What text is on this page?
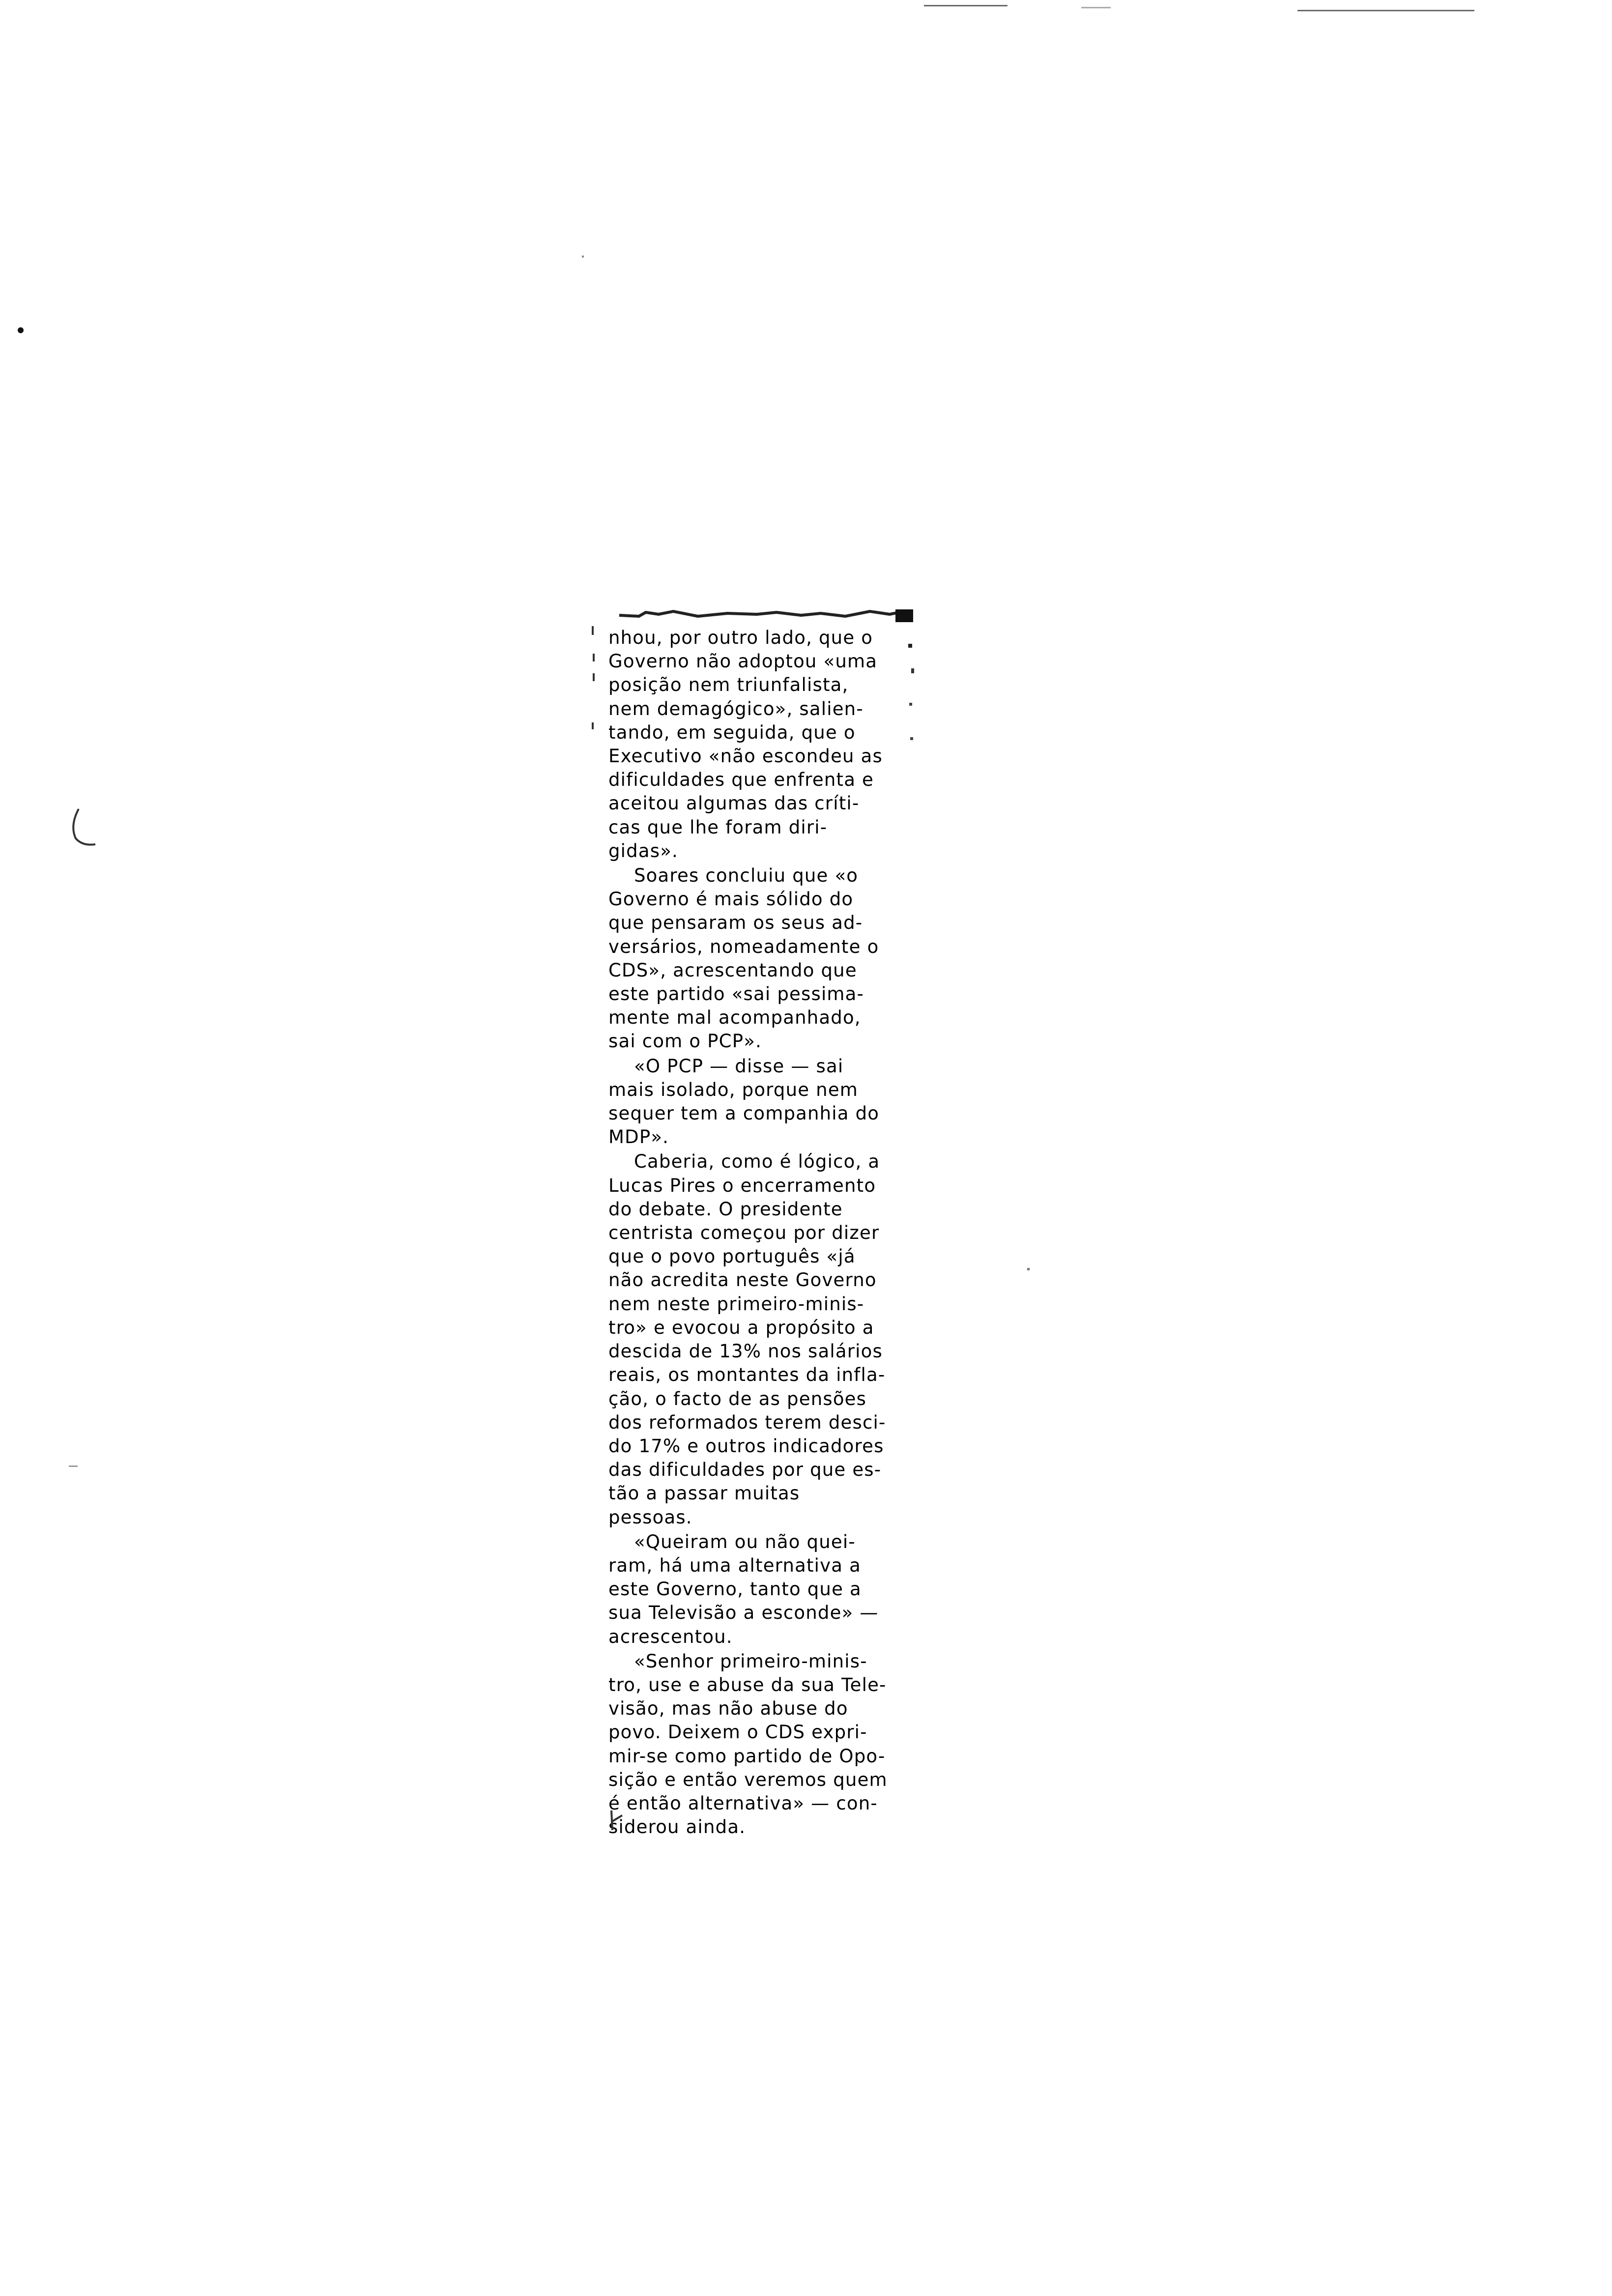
nhou, por outro lado, que o
Governo não adoptou «uma
posição nem triunfalista,
nem demagógico», salien-
tando, em seguida, que o
Executivo «não escondeu as
dificuldades que enfrenta e
aceitou algumas das críti-
cas que lhe foram diri-
gidas».

Soares concluiu que «o
Governo é mais sólido do
que pensaram os seus ad-
versários, nomeadamente o
CDS», acrescentando que
este partido «sai pessima-
mente mal acompanhado,
sai com o PCP».

«O PCP — disse — sai
mais isolado, porque nem
sequer tem a companhia do
MDP».

Caberia, como é lógico, a
Lucas Pires o encerramento
do debate. O presidente
centrista começou por dizer
que o povo português «já
não acredita neste Governo
nem neste primeiro-minis-
tro» e evocou a propósito a
descida de 13% nos salários
reais, os montantes da infla-
ção, o facto de as pensões
dos reformados terem desci-
do 17% e outros indicadores
das dificuldades por que es-
tão a passar muitas
pessoas.

«Queiram ou não quei-
ram, há uma alternativa a
este Governo, tanto que a
sua Televisão a esconde» —
acrescentou.

«Senhor primeiro-minis-
tro, use e abuse da sua Tele-
visão, mas não abuse do
povo. Deixem o CDS expri-
mir-se como partido de Opo-
sição e então veremos quem
é então alternativa» — con-
siderou ainda.
